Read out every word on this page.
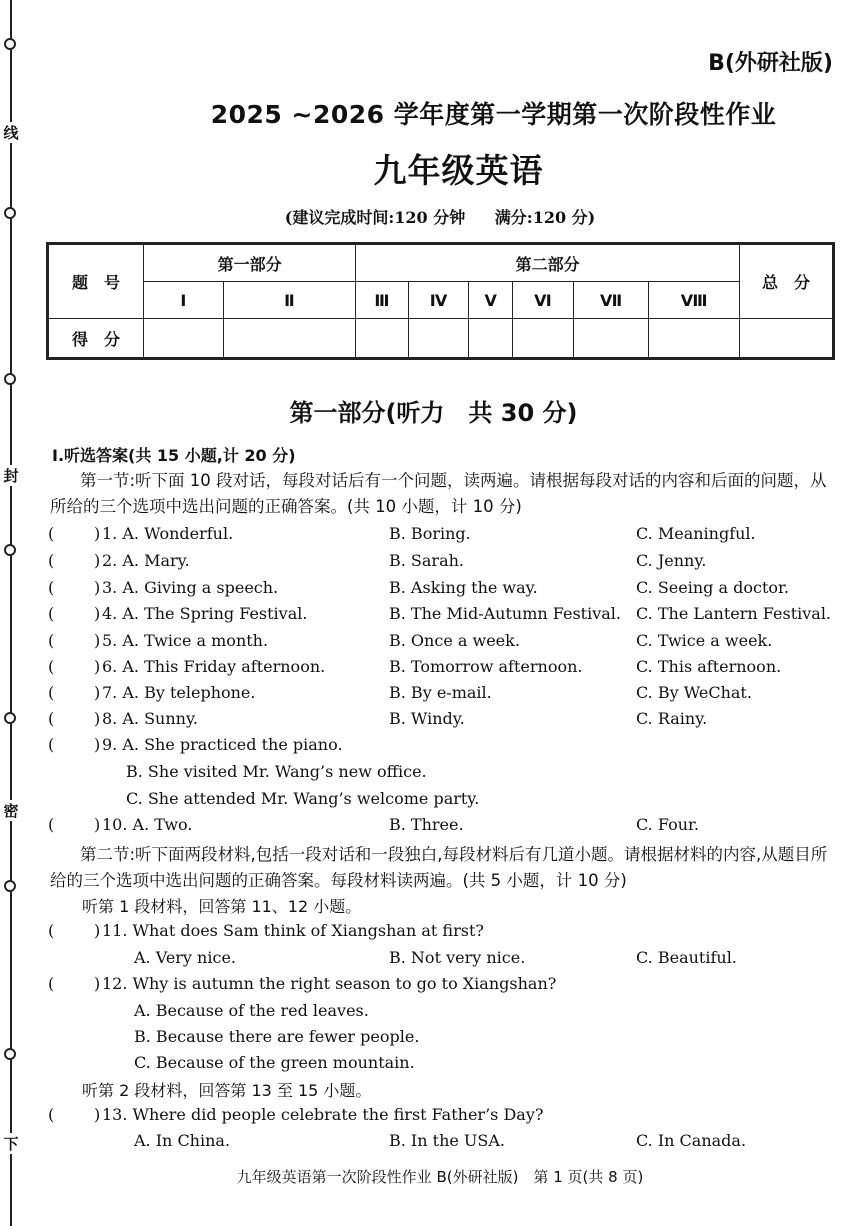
线
封
密
下
B(外研社版)
2025 ~2026 学年度第一学期第一次阶段性作业
九年级英语
(建议完成时间:120 分钟 满分:120 分)
题　号	第一部分		第二部分						总　分
	Ⅰ	Ⅱ	Ⅲ	Ⅳ	Ⅴ	Ⅵ	Ⅶ	Ⅷ	
得　分									
第一部分(听力　共 30 分)
Ⅰ.听选答案(共 15 小题,计 20 分)
第一节:听下面 10 段对话，每段对话后有一个问题，读两遍。请根据每段对话的内容和后面的问题，从所给的三个选项中选出问题的正确答案。(共 10 小题，计 10 分)
( ) 1. A. Wonderful.	B. Boring.	C. Meaningful.
( ) 2. A. Mary.	B. Sarah.	C. Jenny.
( ) 3. A. Giving a speech.	B. Asking the way.	C. Seeing a doctor.
( ) 4. A. The Spring Festival.	B. The Mid-Autumn Festival. C. The Lantern Festival.
( ) 5. A. Twice a month.	B. Once a week.	C. Twice a week.
( ) 6. A. This Friday afternoon.	B. Tomorrow afternoon.	C. This afternoon.
( ) 7. A. By telephone.	B. By e-mail.	C. By WeChat.
( ) 8. A. Sunny.	B. Windy.	C. Rainy.
( ) 9. A. She practiced the piano.
B. She visited Mr. Wang’s new office.
C. She attended Mr. Wang’s welcome party.
( ) 10. A. Two.	B. Three.	C. Four.
第二节:听下面两段材料,包括一段对话和一段独白,每段材料后有几道小题。请根据材料的内容,从题目所给的三个选项中选出问题的正确答案。每段材料读两遍。(共 5 小题，计 10 分)
听第 1 段材料，回答第 11、12 小题。
( ) 11. What does Sam think of Xiangshan at first?
A. Very nice.	B. Not very nice.	C. Beautiful.
( ) 12. Why is autumn the right season to go to Xiangshan?
A. Because of the red leaves.
B. Because there are fewer people.
C. Because of the green mountain.
听第 2 段材料，回答第 13 至 15 小题。
( ) 13. Where did people celebrate the first Father’s Day?
A. In China.	B. In the USA.	C. In Canada.
九年级英语第一次阶段性作业 B(外研社版)　第 1 页(共 8 页)
